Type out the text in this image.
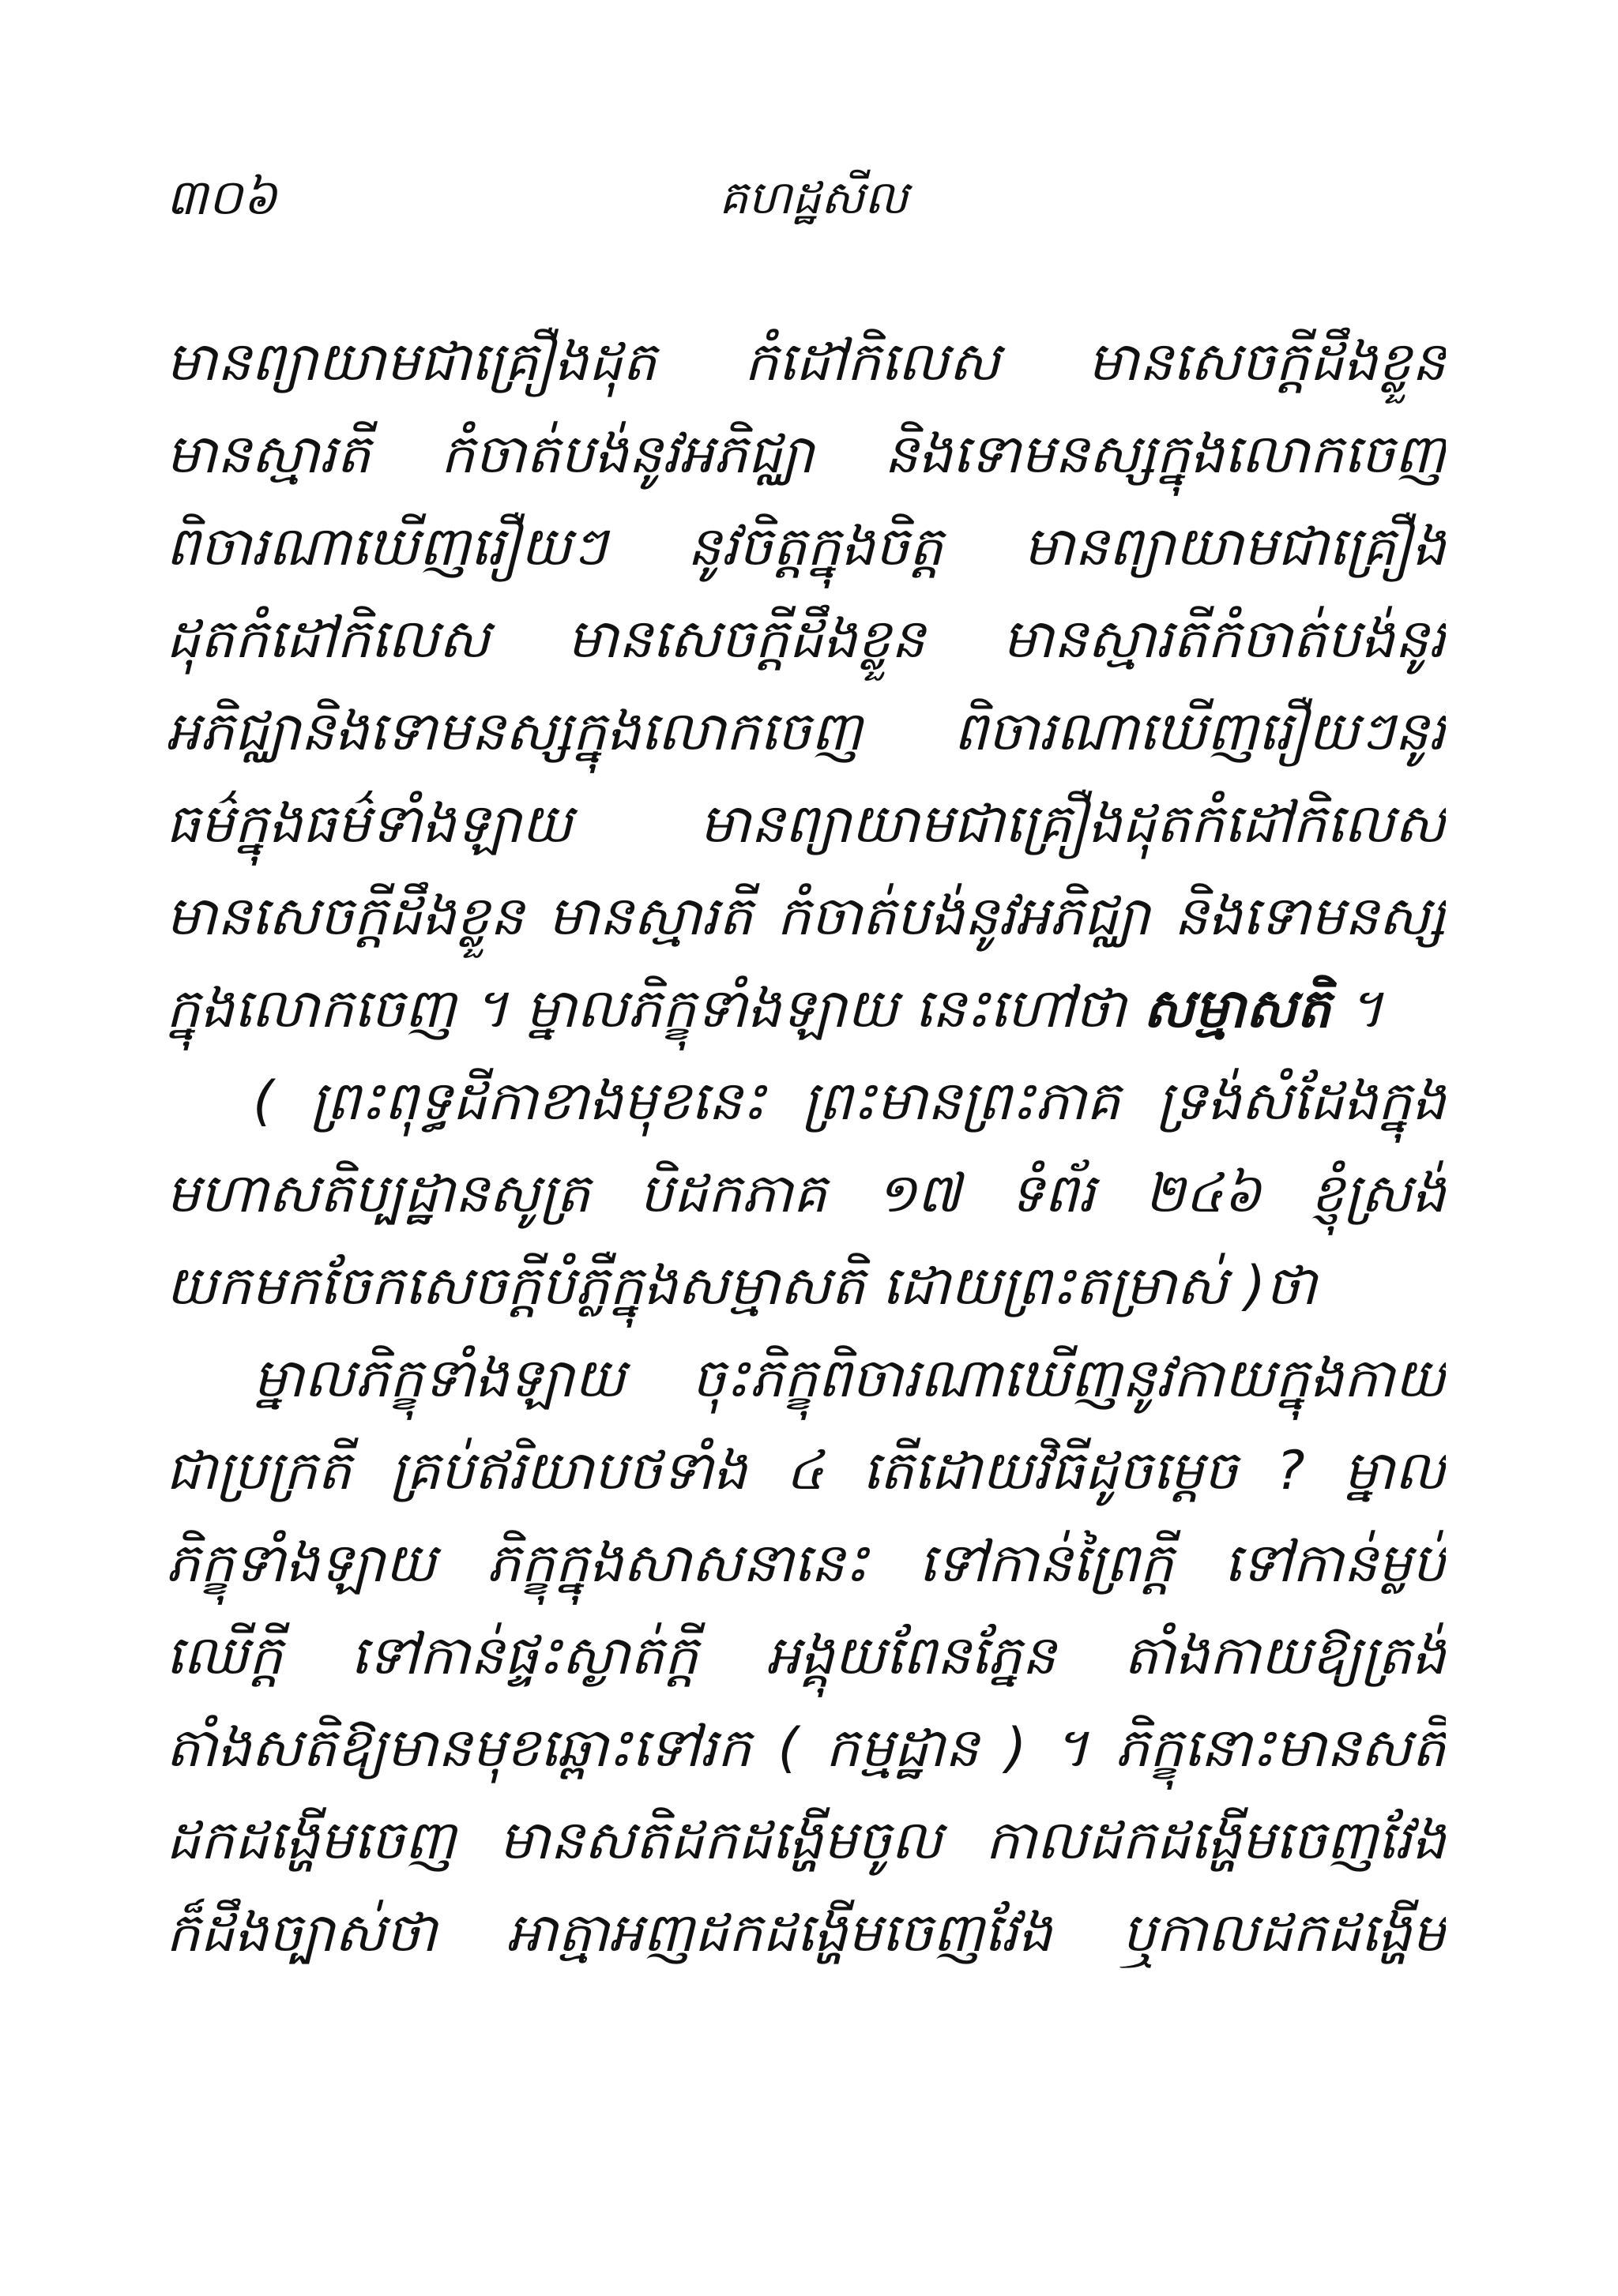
៣០៦	គហដ្ឋសីល
មានព្យាយាមជាគ្រឿងដុត កំដៅកិលេស មានសេចក្តីដឹងខ្លួន
មានស្មារតី កំចាត់បង់នូវអភិជ្ឈា និងទោមនស្សក្នុងលោកចេញ
ពិចារណាឃើញរឿយៗ នូវចិត្តក្នុងចិត្ត មានព្យាយាមជាគ្រឿង
ដុតកំដៅកិលេស មានសេចក្តីដឹងខ្លួន មានស្មារតីកំចាត់បង់នូវ
អភិជ្ឈានិងទោមនស្សក្នុងលោកចេញ ពិចារណាឃើញរឿយៗនូវ
ធម៌ក្នុងធម៌ទាំងឡាយ មានព្យាយាមជាគ្រឿងដុតកំដៅកិលេស
មានសេចក្តីដឹងខ្លួន មានស្មារតី កំចាត់បង់នូវអភិជ្ឈា និងទោមនស្ស
ក្នុងលោកចេញ ។ ម្នាលភិក្ខុទាំងឡាយ នេះហៅថា សម្មាសតិ ។
( ព្រះពុទ្ធដីកាខាងមុខនេះ ព្រះមានព្រះភាគ ទ្រង់សំដែងក្នុង
មហាសតិប្បដ្ឋានសូត្រ បិដកភាគ ១៧ ទំព័រ ២៤៦ ខ្ញុំស្រង់
យកមកចែកសេចក្តីបំភ្លឺក្នុងសម្មាសតិ ដោយព្រះតម្រាស់ )ថា
ម្នាលភិក្ខុទាំងឡាយ ចុះភិក្ខុពិចារណាឃើញនូវកាយក្នុងកាយ
ជាប្រក្រតី គ្រប់ឥរិយាបថទាំង ៤ តើដោយវិធីដូចម្តេច ? ម្នាល
ភិក្ខុទាំងឡាយ ភិក្ខុក្នុងសាសនានេះ ទៅកាន់ព្រៃក្តី ទៅកាន់ម្លប់
ឈើក្តី ទៅកាន់ផ្ទះស្ងាត់ក្តី អង្គុយពែនភ្នែន តាំងកាយឱ្យត្រង់
តាំងសតិឱ្យមានមុខឆ្ពោះទៅរក ( កម្មដ្ឋាន ) ។ ភិក្ខុនោះមានសតិ
ដកដង្ហើមចេញ មានសតិដកដង្ហើមចូល កាលដកដង្ហើមចេញវែង
ក៏ដឹងច្បាស់ថា អាត្មាអញដកដង្ហើមចេញវែង ឬកាលដកដង្ហើម
